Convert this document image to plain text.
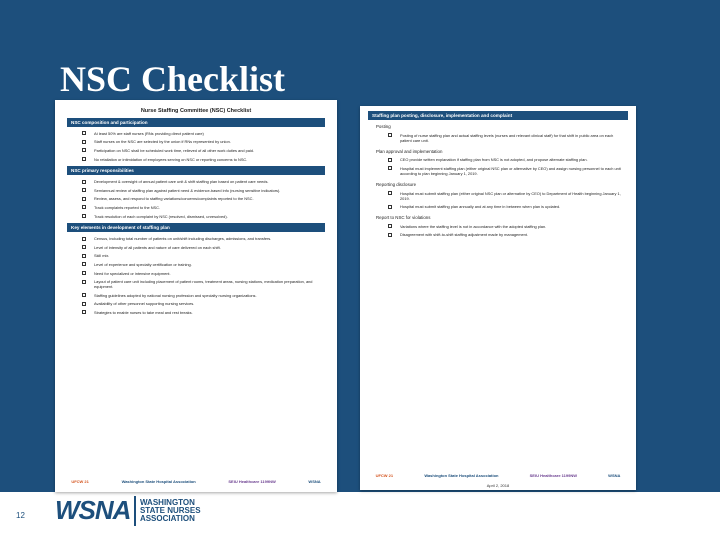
NSC Checklist
Nurse Staffing Committee (NSC) Checklist
NSC composition and participation
At least 50% are staff nurses (RNs providing direct patient care)
Staff nurses on the NSC are selected by the union if RNs represented by union.
Participation on NSC shall be scheduled work time, relieved of all other work duties and paid.
No retaliation or intimidation of employees serving on NSC or reporting concerns to NSC.
NSC primary responsibilities
Development & oversight of annual patient care unit & shift staffing plan based on patient care needs.
Semiannual review of staffing plan against patient need & evidence-based info (nursing sensitive indicators).
Review, assess, and respond to staffing variations/concerns/complaints reported to the NSC.
Track complaints reported to the NSC.
Track resolution of each complaint by NSC (resolved, dismissed, unresolved).
Key elements in development of staffing plan
Census, including total number of patients on unit/shift including discharges, admissions, and transfers.
Level of intensity of all patients and nature of care delivered on each shift.
Skill mix.
Level of experience and specialty certification or training.
Need for specialized or intensive equipment.
Layout of patient care unit including placement of patient rooms, treatment areas, nursing stations, medication preparation, and equipment.
Staffing guidelines adopted by national nursing profession and specialty nursing organizations.
Availability of other personnel supporting nursing services.
Strategies to enable nurses to take meal and rest breaks.
UFCW 21	Washington State Hospital Association	SEIU Healthcare 1199NW	WSNA
Staffing plan posting, disclosure, implementation and complaint
Posting
Posting of nurse staffing plan and actual staffing levels (nurses and relevant clinical staff) for that shift in public area on each patient care unit.
Plan approval and implementation
CEO provide written explanation if staffing plan from NSC is not adopted, and propose alternate staffing plan.
Hospital must implement staffing plan (either original NSC plan or alternative by CEO) and assign nursing personnel to each unit according to plan beginning January 1, 2019.
Reporting disclosure
Hospital must submit staffing plan (either original NSC plan or alternative by CEO) to Department of Health beginning January 1, 2019.
Hospital must submit staffing plan annually and at any time in between when plan is updated.
Report to NSC for violations
Variations where the staffing level is not in accordance with the adopted staffing plan.
Disagreement with shift-to-shift staffing adjustment made by management.
UFCW 21	Washington State Hospital Association	SEIU Healthcare 1199NW	WSNA
April 2, 2018
12 WSNA WASHINGTON
STATE NURSES
ASSOCIATION
